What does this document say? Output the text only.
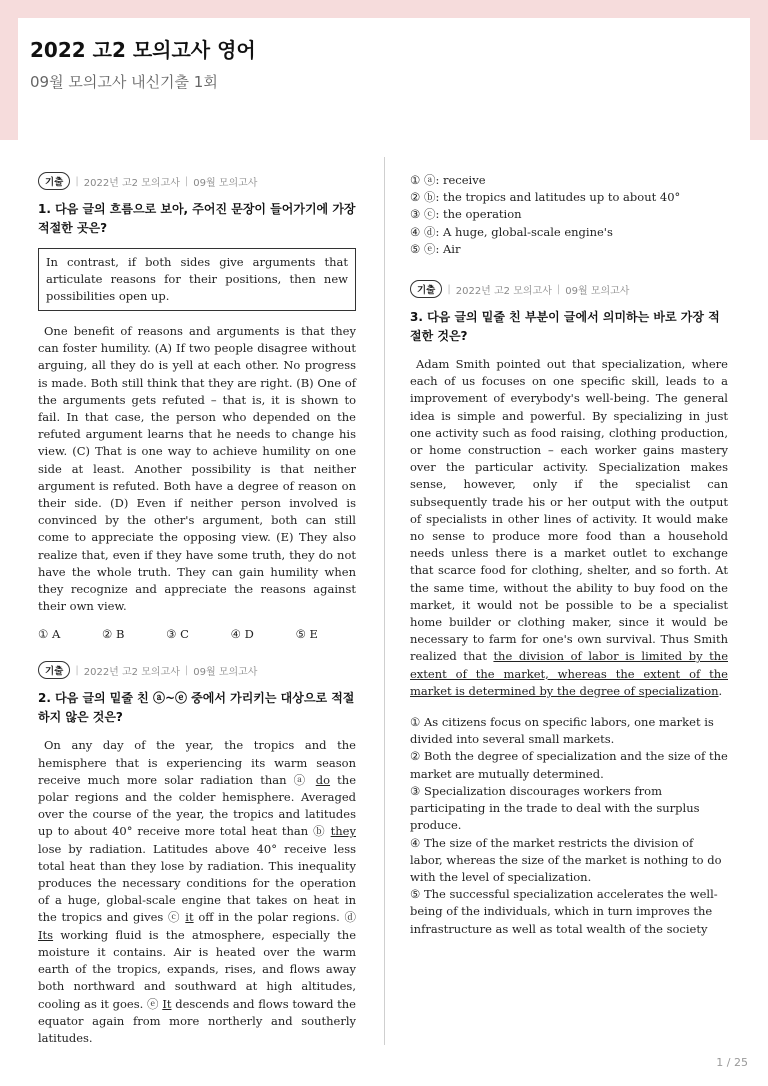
2022 고2 모의고사 영어
09월 모의고사 내신기출 1회
기출	| 2022년 고2 모의고사 | 09월 모의고사
1. 다음 글의 흐름으로 보아, 주어진 문장이 들어가기에 가장 적절한 곳은?
In contrast, if both sides give arguments that articulate reasons for their positions, then new possibilities open up.

One benefit of reasons and arguments is that they can foster humility. (A) If two people disagree without arguing, all they do is yell at each other. No progress is made. Both still think that they are right. (B) One of the arguments gets refuted – that is, it is shown to fail. In that case, the person who depended on the refuted argument learns that he needs to change his view. (C) That is one way to achieve humility on one side at least. Another possibility is that neither argument is refuted. Both have a degree of reason on their side. (D) Even if neither person involved is convinced by the other's argument, both can still come to appreciate the opposing view. (E) They also realize that, even if they have some truth, they do not have the whole truth. They can gain humility when they recognize and appreciate the reasons against their own view.

① A	② B	③ C	④ D	⑤ E
기출	| 2022년 고2 모의고사 | 09월 모의고사
2. 다음 글의 밑줄 친 ⓐ~ⓔ 중에서 가리키는 대상으로 적절하지 않은 것은?

On any day of the year, the tropics and the hemisphere that is experiencing its warm season receive much more solar radiation than ⓐ do the polar regions and the colder hemisphere. Averaged over the course of the year, the tropics and latitudes up to about 40° receive more total heat than ⓑ they lose by radiation. Latitudes above 40° receive less total heat than they lose by radiation. This inequality produces the necessary conditions for the operation of a huge, global-scale engine that takes on heat in the tropics and gives ⓒ it off in the polar regions. ⓓ Its working fluid is the atmosphere, especially the moisture it contains. Air is heated over the warm earth of the tropics, expands, rises, and flows away both northward and southward at high altitudes, cooling as it goes. ⓔ It descends and flows toward the equator again from more northerly and southerly latitudes.

① ⓐ: receive
② ⓑ: the tropics and latitudes up to about 40°
③ ⓒ: the operation
④ ⓓ: A huge, global-scale engine's
⑤ ⓔ: Air
기출	| 2022년 고2 모의고사 | 09월 모의고사
3. 다음 글의 밑줄 친 부분이 글에서 의미하는 바로 가장 적절한 것은?

Adam Smith pointed out that specialization, where each of us focuses on one specific skill, leads to a improvement of everybody's well-being. The general idea is simple and powerful. By specializing in just one activity such as food raising, clothing production, or home construction – each worker gains mastery over the particular activity. Specialization makes sense, however, only if the specialist can subsequently trade his or her output with the output of specialists in other lines of activity. It would make no sense to produce more food than a household needs unless there is a market outlet to exchange that scarce food for clothing, shelter, and so forth. At the same time, without the ability to buy food on the market, it would not be possible to be a specialist home builder or clothing maker, since it would be necessary to farm for one's own survival. Thus Smith realized that the division of labor is limited by the extent of the market, whereas the extent of the market is determined by the degree of specialization.

① As citizens focus on specific labors, one market is divided into several small markets.
② Both the degree of specialization and the size of the market are mutually determined.
③ Specialization discourages workers from participating in the trade to deal with the surplus produce.
④ The size of the market restricts the division of labor, whereas the size of the market is nothing to do with the level of specialization.
⑤ The successful specialization accelerates the well-being of the individuals, which in turn improves the infrastructure as well as total wealth of the society
1 / 25
